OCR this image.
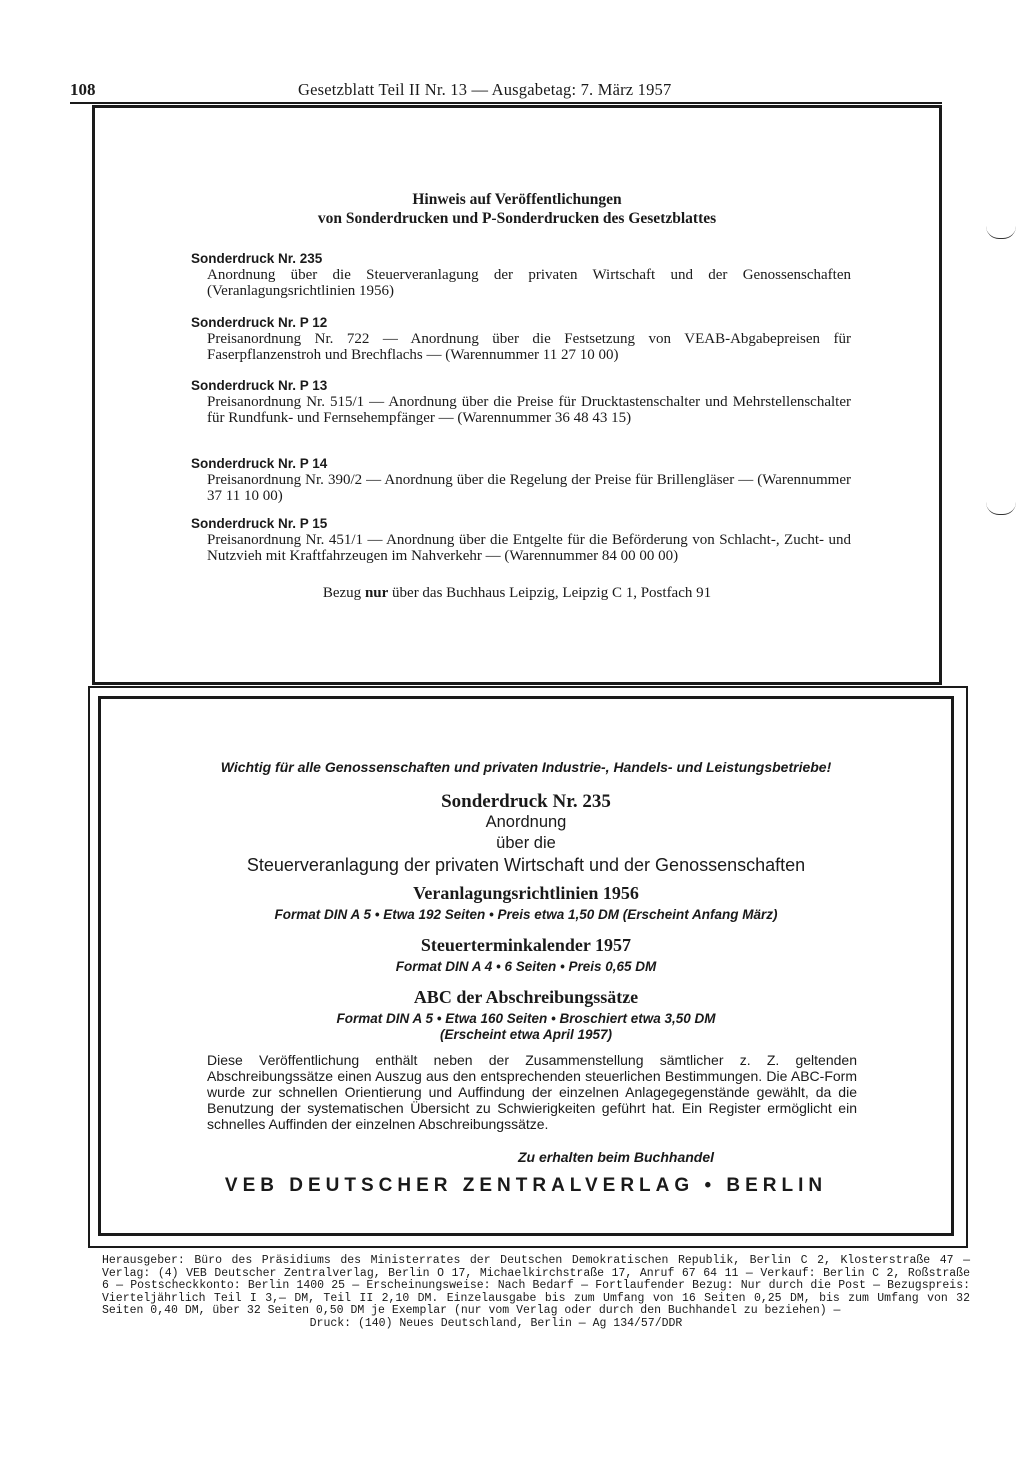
108	Gesetzblatt Teil II Nr. 13 — Ausgabetag: 7. März 1957
Hinweis auf Veröffentlichungen
von Sonderdrucken und P-Sonderdrucken des Gesetzblattes
Sonderdruck Nr. 235
Anordnung über die Steuerveranlagung der privaten Wirtschaft und der Genossenschaften (Veranlagungsrichtlinien 1956)
Sonderdruck Nr. P 12
Preisanordnung Nr. 722 — Anordnung über die Festsetzung von VEAB-Abgabepreisen für Faserpflanzenstroh und Brechflachs — (Warennummer 11 27 10 00)
Sonderdruck Nr. P 13
Preisanordnung Nr. 515/1 — Anordnung über die Preise für Drucktastenschalter und Mehrstellenschalter für Rundfunk- und Fernsehempfänger — (Warennummer 36 48 43 15)
Sonderdruck Nr. P 14
Preisanordnung Nr. 390/2 — Anordnung über die Regelung der Preise für Brillengläser — (Warennummer 37 11 10 00)
Sonderdruck Nr. P 15
Preisanordnung Nr. 451/1 — Anordnung über die Entgelte für die Beförderung von Schlacht-, Zucht- und Nutzvieh mit Kraftfahrzeugen im Nahverkehr — (Warennummer 84 00 00 00)
Bezug nur über das Buchhaus Leipzig, Leipzig C 1, Postfach 91
Wichtig für alle Genossenschaften und privaten Industrie-, Handels- und Leistungsbetriebe!
Sonderdruck Nr. 235
Anordnung
über die
Steuerveranlagung der privaten Wirtschaft und der Genossenschaften
Veranlagungsrichtlinien 1956
Format DIN A 5 • Etwa 192 Seiten • Preis etwa 1,50 DM (Erscheint Anfang März)
Steuerterminkalender 1957
Format DIN A 4 • 6 Seiten • Preis 0,65 DM
ABC der Abschreibungssätze
Format DIN A 5 • Etwa 160 Seiten • Broschiert etwa 3,50 DM
(Erscheint etwa April 1957)
Diese Veröffentlichung enthält neben der Zusammenstellung sämtlicher z. Z. geltenden Abschreibungssätze einen Auszug aus den entsprechenden steuerlichen Bestimmungen. Die ABC-Form wurde zur schnellen Orientierung und Auffindung der einzelnen Anlagegegenstände gewählt, da die Benutzung der systematischen Übersicht zu Schwierigkeiten geführt hat. Ein Register ermöglicht ein schnelles Auffinden der einzelnen Abschreibungssätze.
Zu erhalten beim Buchhandel
VEB DEUTSCHER ZENTRALVERLAG • BERLIN
Herausgeber: Büro des Präsidiums des Ministerrates der Deutschen Demokratischen Republik, Berlin C 2, Klosterstraße 47 — Verlag: (4) VEB Deutscher Zentralverlag, Berlin O 17, Michaelkirchstraße 17, Anruf 67 64 11 — Verkauf: Berlin C 2, Roßstraße 6 — Postscheckkonto: Berlin 1400 25 — Erscheinungsweise: Nach Bedarf — Fortlaufender Bezug: Nur durch die Post — Bezugspreis: Vierteljährlich Teil I 3,— DM, Teil II 2,10 DM. Einzelausgabe bis zum Umfang von 16 Seiten 0,25 DM, bis zum Umfang von 32 Seiten 0,40 DM, über 32 Seiten 0,50 DM je Exemplar (nur vom Verlag oder durch den Buchhandel zu beziehen) —
Druck: (140) Neues Deutschland, Berlin — Ag 134/57/DDR
